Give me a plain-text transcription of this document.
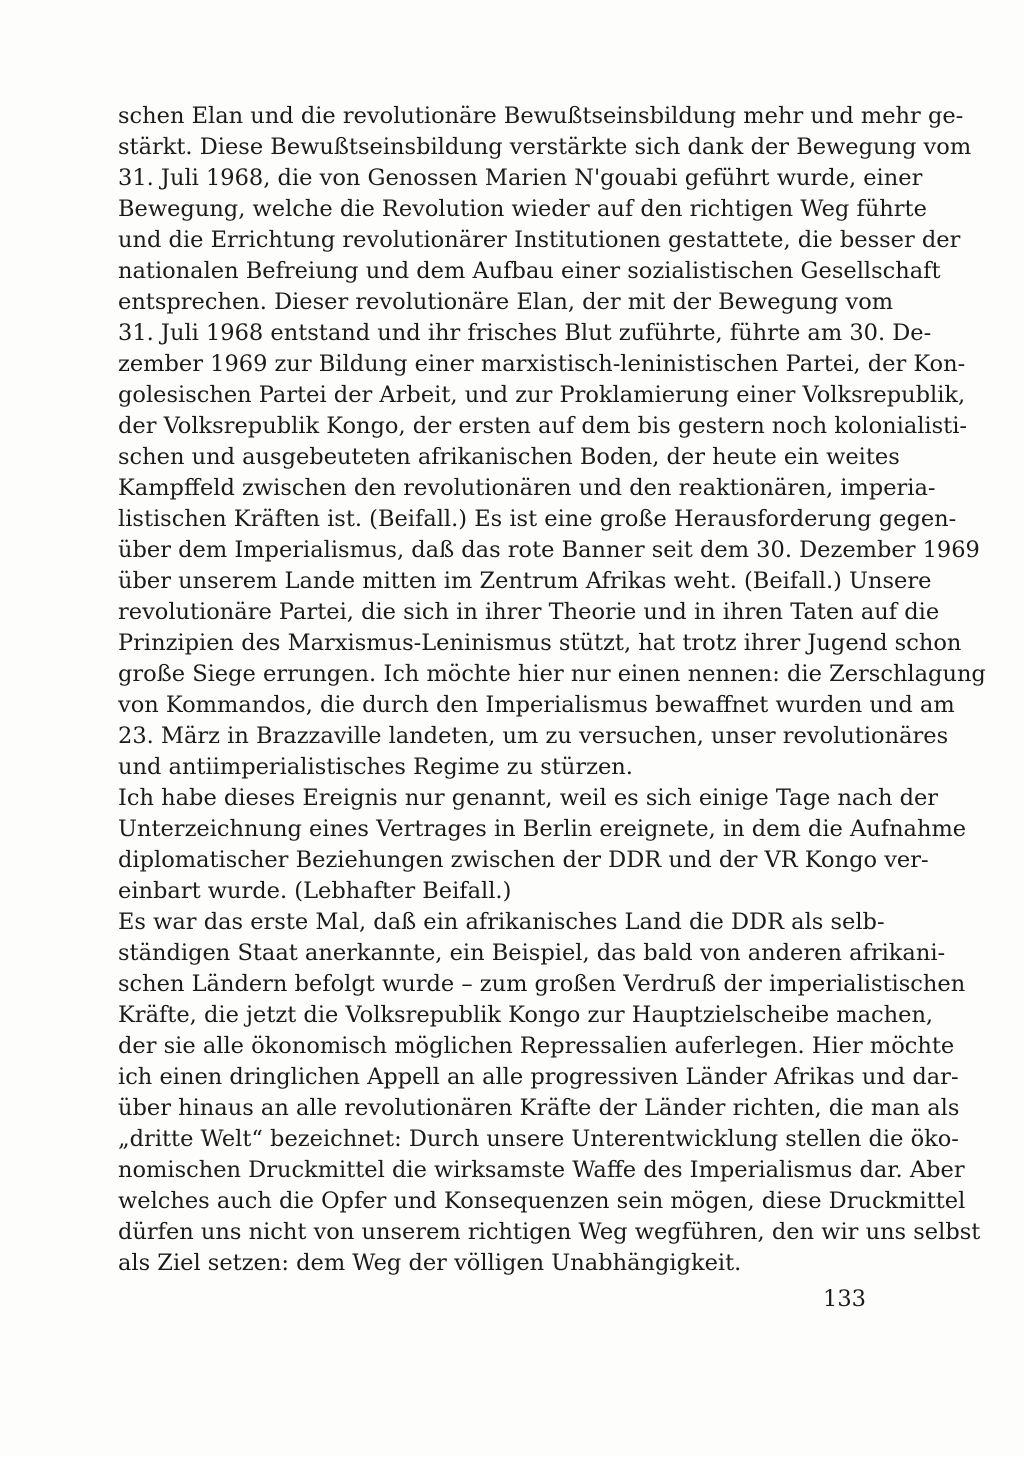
schen Elan und die revolutionäre Bewußtseinsbildung mehr und mehr ge-
stärkt. Diese Bewußtseinsbildung verstärkte sich dank der Bewegung vom
31. Juli 1968, die von Genossen Marien N'gouabi geführt wurde, einer
Bewegung, welche die Revolution wieder auf den richtigen Weg führte
und die Errichtung revolutionärer Institutionen gestattete, die besser der
nationalen Befreiung und dem Aufbau einer sozialistischen Gesellschaft
entsprechen. Dieser revolutionäre Elan, der mit der Bewegung vom
31. Juli 1968 entstand und ihr frisches Blut zuführte, führte am 30. De-
zember 1969 zur Bildung einer marxistisch-leninistischen Partei, der Kon-
golesischen Partei der Arbeit, und zur Proklamierung einer Volksrepublik,
der Volksrepublik Kongo, der ersten auf dem bis gestern noch kolonialisti-
schen und ausgebeuteten afrikanischen Boden, der heute ein weites
Kampffeld zwischen den revolutionären und den reaktionären, imperia-
listischen Kräften ist. (Beifall.) Es ist eine große Herausforderung gegen-
über dem Imperialismus, daß das rote Banner seit dem 30. Dezember 1969
über unserem Lande mitten im Zentrum Afrikas weht. (Beifall.) Unsere
revolutionäre Partei, die sich in ihrer Theorie und in ihren Taten auf die
Prinzipien des Marxismus-Leninismus stützt, hat trotz ihrer Jugend schon
große Siege errungen. Ich möchte hier nur einen nennen: die Zerschlagung
von Kommandos, die durch den Imperialismus bewaffnet wurden und am
23. März in Brazzaville landeten, um zu versuchen, unser revolutionäres
und antiimperialistisches Regime zu stürzen.
Ich habe dieses Ereignis nur genannt, weil es sich einige Tage nach der
Unterzeichnung eines Vertrages in Berlin ereignete, in dem die Aufnahme
diplomatischer Beziehungen zwischen der DDR und der VR Kongo ver-
einbart wurde. (Lebhafter Beifall.)
Es war das erste Mal, daß ein afrikanisches Land die DDR als selb-
ständigen Staat anerkannte, ein Beispiel, das bald von anderen afrikani-
schen Ländern befolgt wurde – zum großen Verdruß der imperialistischen
Kräfte, die jetzt die Volksrepublik Kongo zur Hauptzielscheibe machen,
der sie alle ökonomisch möglichen Repressalien auferlegen. Hier möchte
ich einen dringlichen Appell an alle progressiven Länder Afrikas und dar-
über hinaus an alle revolutionären Kräfte der Länder richten, die man als
„dritte Welt“ bezeichnet: Durch unsere Unterentwicklung stellen die öko-
nomischen Druckmittel die wirksamste Waffe des Imperialismus dar. Aber
welches auch die Opfer und Konsequenzen sein mögen, diese Druckmittel
dürfen uns nicht von unserem richtigen Weg wegführen, den wir uns selbst
als Ziel setzen: dem Weg der völligen Unabhängigkeit.
133
